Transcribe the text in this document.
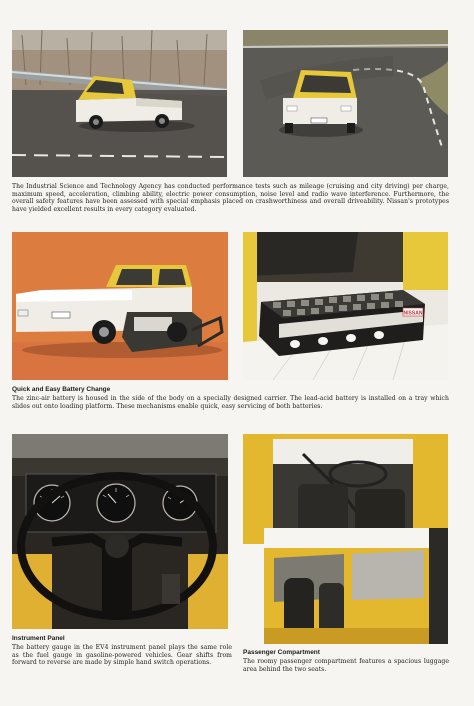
The Industrial Science and Technology Agency has conducted performance tests such as mileage (cruising and city driving) per charge, maximum speed, acceleration, climbing ability, electric power consumption, noise level and radio wave interference. Furthermore, the overall safety features have been assessed with special emphasis placed on crashworthiness and overall driveability. Nissan's prototypes have yielded excellent results in every category evaluated.
NISSAN
Quick and Easy Battery Change
The zinc-air battery is housed in the side of the body on a specially designed carrier. The lead-acid battery is installed on a tray which slides out onto loading platform. These mechanisms enable quick, easy servicing of both batteries.
Instrument Panel
The battery gauge in the EV4 instrument panel plays the same role as the fuel gauge in gasoline-powered vehicles. Gear shifts from forward to reverse are made by simple hand switch operations.
Passenger Compartment
The roomy passenger compartment features a spacious luggage area behind the two seats.
